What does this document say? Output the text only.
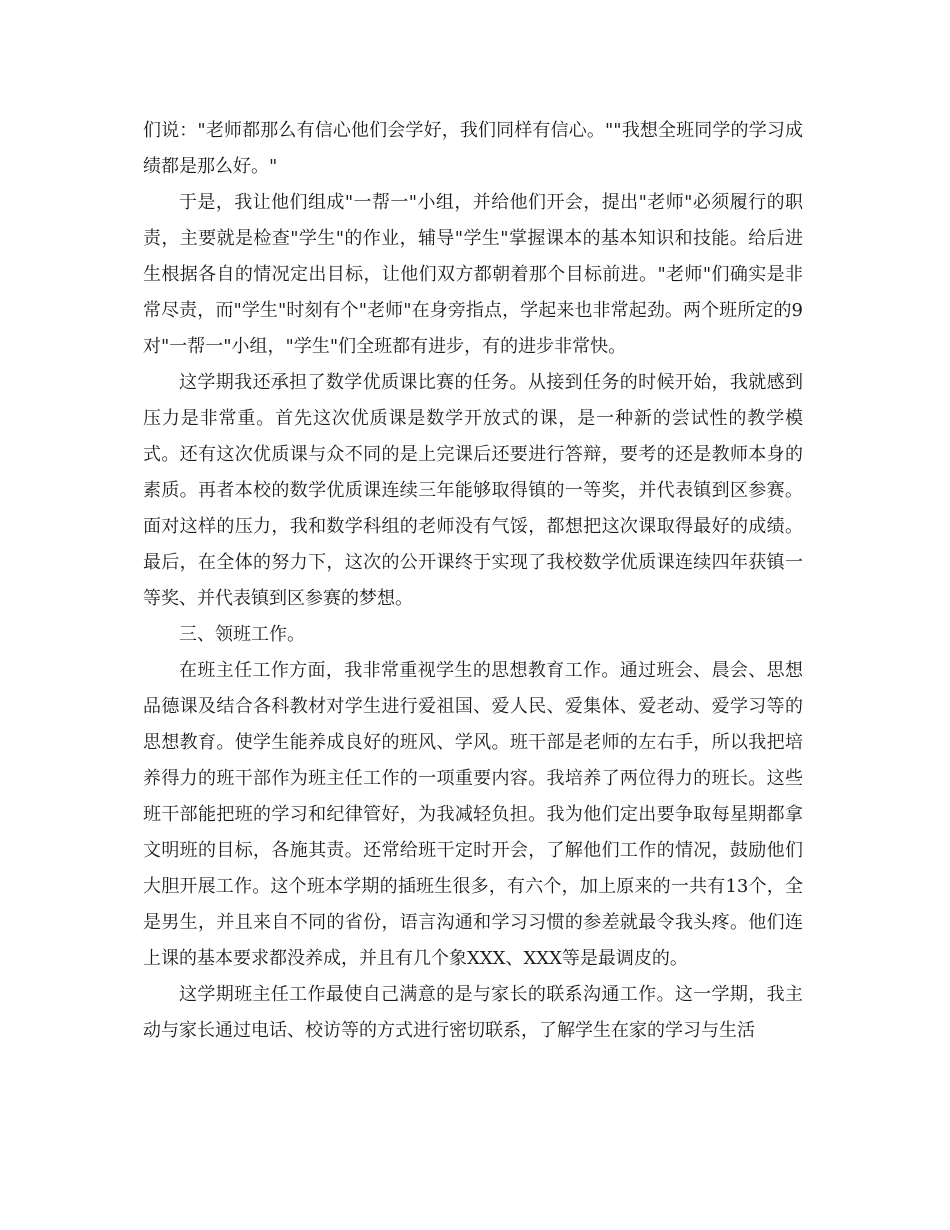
们说："老师都那么有信心他们会学好，我们同样有信心。""我想全班同学的学习成绩都是那么好。"

于是，我让他们组成"一帮一"小组，并给他们开会，提出"老师"必须履行的职责，主要就是检查"学生"的作业，辅导"学生"掌握课本的基本知识和技能。给后进生根据各自的情况定出目标，让他们双方都朝着那个目标前进。"老师"们确实是非常尽责，而"学生"时刻有个"老师"在身旁指点，学起来也非常起劲。两个班所定的9对"一帮一"小组，"学生"们全班都有进步，有的进步非常快。

这学期我还承担了数学优质课比赛的任务。从接到任务的时候开始，我就感到压力是非常重。首先这次优质课是数学开放式的课，是一种新的尝试性的教学模式。还有这次优质课与众不同的是上完课后还要进行答辩，要考的还是教师本身的素质。再者本校的数学优质课连续三年能够取得镇的一等奖，并代表镇到区参赛。面对这样的压力，我和数学科组的老师没有气馁，都想把这次课取得最好的成绩。最后，在全体的努力下，这次的公开课终于实现了我校数学优质课连续四年获镇一等奖、并代表镇到区参赛的梦想。

三、领班工作。

在班主任工作方面，我非常重视学生的思想教育工作。通过班会、晨会、思想品德课及结合各科教材对学生进行爱祖国、爱人民、爱集体、爱老动、爱学习等的思想教育。使学生能养成良好的班风、学风。班干部是老师的左右手，所以我把培养得力的班干部作为班主任工作的一项重要内容。我培养了两位得力的班长。这些班干部能把班的学习和纪律管好，为我减轻负担。我为他们定出要争取每星期都拿文明班的目标，各施其责。还常给班干定时开会，了解他们工作的情况，鼓励他们大胆开展工作。这个班本学期的插班生很多，有六个，加上原来的一共有13个，全是男生，并且来自不同的省份，语言沟通和学习习惯的参差就最令我头疼。他们连上课的基本要求都没养成，并且有几个象XXX、XXX等是最调皮的。

这学期班主任工作最使自己满意的是与家长的联系沟通工作。这一学期，我主动与家长通过电话、校访等的方式进行密切联系，了解学生在家的学习与生活
